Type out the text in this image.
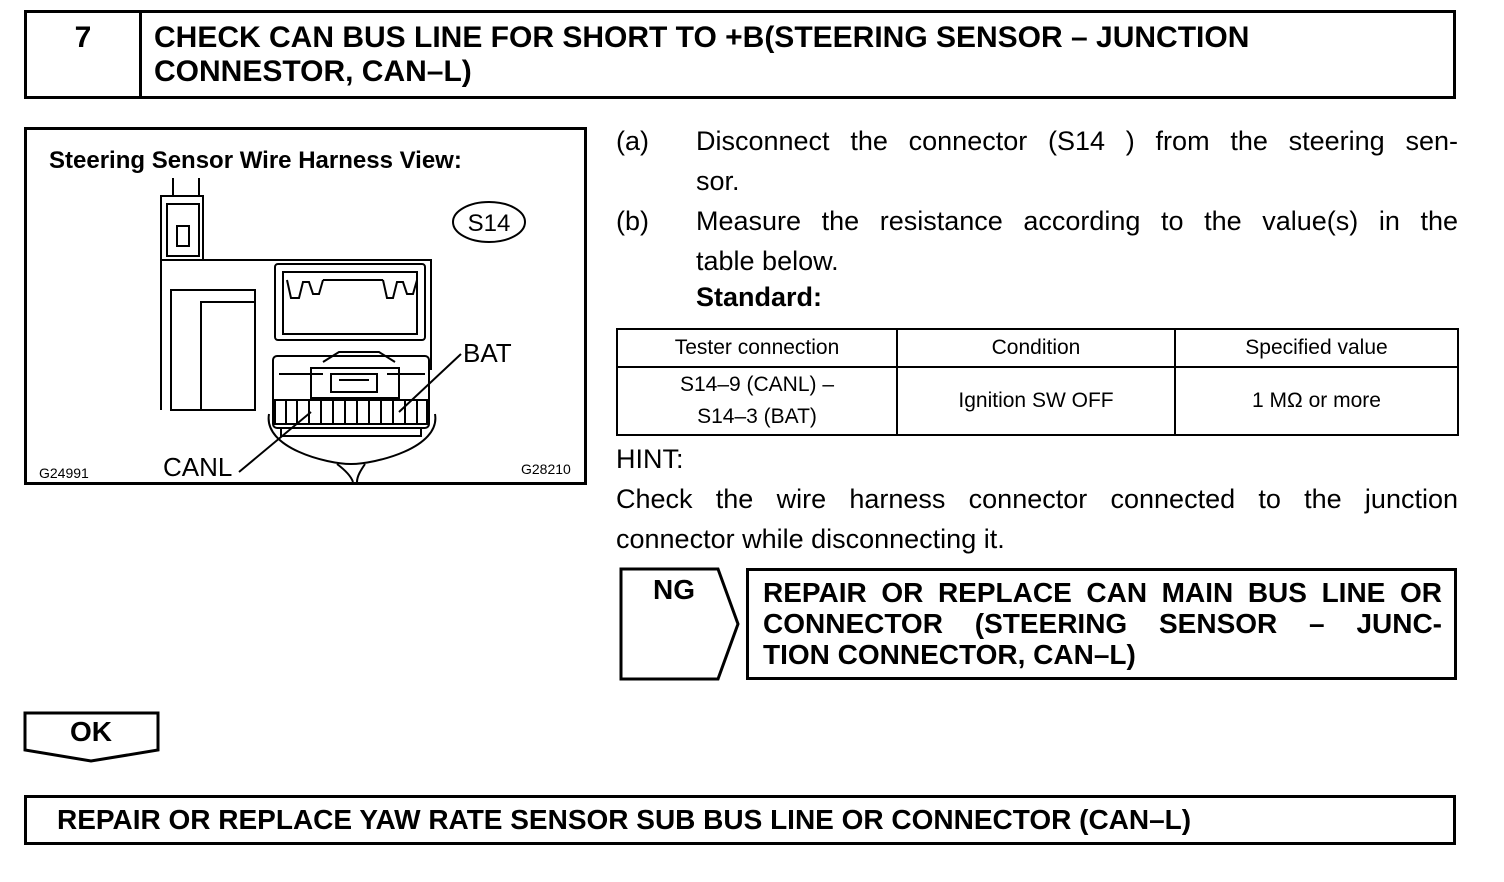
7	CHECK CAN BUS LINE FOR SHORT TO +B(STEERING SENSOR – JUNCTION
CONNESTOR, CAN–L)
S14
Steering Sensor Wire Harness View:
BAT
CANL
G24991	G28210
(a) Disconnect the connector (S14 ) from the steering sen-
sor.
(b) Measure the resistance according to the value(s) in the
table below.
Standard:
Tester connection	Condition	Specified value

S14–9 (CANL) –
S14–3 (BAT)	Ignition SW OFF	1 MΩ or more
HINT:
Check the wire harness connector connected to the junction
connector while disconnecting it.
NG	REPAIR OR REPLACE CAN MAIN BUS LINE OR
CONNECTOR (STEERING SENSOR – JUNC-
TION CONNECTOR, CAN–L)
OK
REPAIR OR REPLACE YAW RATE SENSOR SUB BUS LINE OR CONNECTOR (CAN–L)
